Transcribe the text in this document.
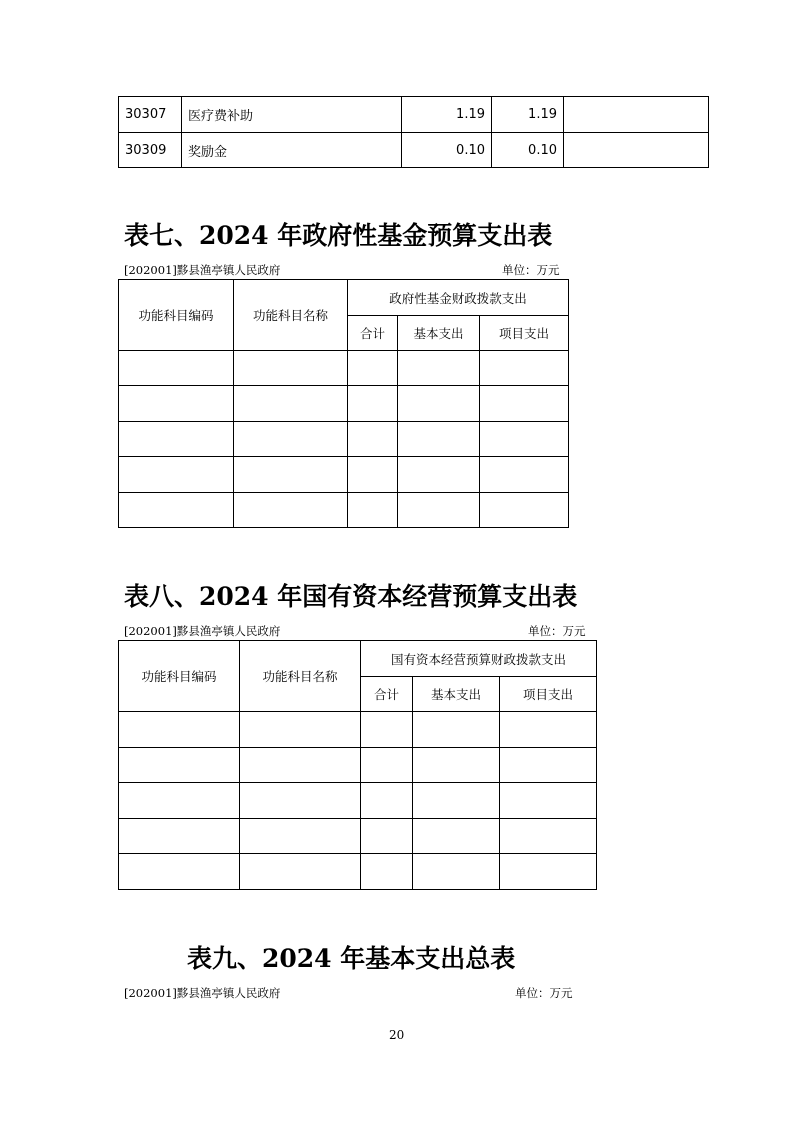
30307	医疗费补助	1.19	1.19	
30309	奖励金	0.10	0.10	
表七、2024 年政府性基金预算支出表
[202001]黟县渔亭镇人民政府	单位：万元
功能科目编码	功能科目名称	政府性基金财政拨款支出		
		合计	基本支出	项目支出

表八、2024 年国有资本经营预算支出表
[202001]黟县渔亭镇人民政府	单位：万元
功能科目编码	功能科目名称	国有资本经营预算财政拨款支出		
		合计	基本支出	项目支出

表九、2024 年基本支出总表
[202001]黟县渔亭镇人民政府	单位：万元
20
